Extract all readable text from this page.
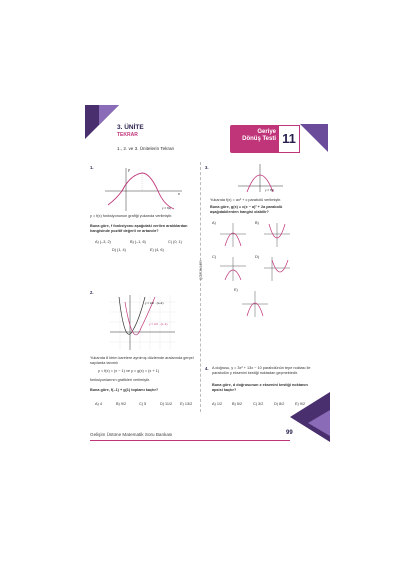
3. ÜNİTE
TEKRAR
1., 2. ve 3. Ünitelerin Tekrarı
Geriye
Dönüş Testi 11
ÇÖZÜMLER
1.	y
x
y = f(x)
y = f(x) fonksiyonunun grafiği yukarıda verilmiştir.
Buna göre, f fonksiyonu aşağıdaki verilen aralıklardan hangisinde pozitif değerli ve artandır?
A) (–3, 2)	B) (–1, 6)	C) (0, 1)
D) (1, 4)	E) (4, 6)
2.
y = x/2 · (x+1)
y = x/2 · (x−1)
Yukarıda 8 birim karelere ayrılmış düzlemde aralarında gerçel sayılarda tanımlı
y = f(x) = (x − 1) ve y = g(x) = (x + 1)
fonksiyonlarının grafikleri verilmiştir.
Buna göre, f(–1) + g(1) toplamı kaçtır?
A) 4	B) 9/2	C) 5	D) 11/2 E) 13/2
3.
y = f(x)
Yukarıda f(x) = ax² + c parabolü verilmiştir.
Buna göre, g(x) = c(x − a)² + 2a parabolü aşağıdakilerden hangisi olabilir?
A)	B)
C)	D)
E)
4. A doğrusu, y = 3x² + 13x − 10 parabolünün tepe noktası ile parabolün y eksenini kestiği noktadan geçmektedir.
Buna göre, d doğrusunun x eksenini kestiği noktanın apsisi kaçtır?
A) 1/2	B) 5/2	C) 3/2	D) 8/2	E) 9/2
Gelişim Üstüne Matematik Soru Bankası	99
